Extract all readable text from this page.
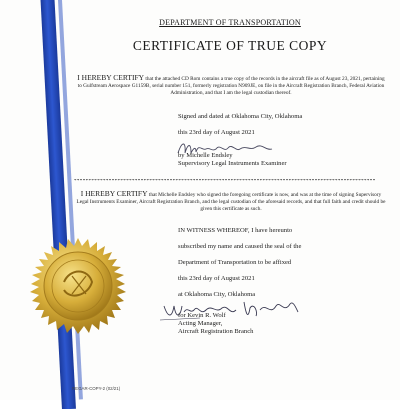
DEPARTMENT OF TRANSPORTATION
CERTIFICATE OF TRUE COPY
I HEREBY CERTIFY that the attached CD Rom contains a true copy of the records in the aircraft file as of August 23, 2021, pertaining to Gulfstream Aerospace G1159B, serial number 151, formerly registration N909JE, on file in the Aircraft Registration Branch, Federal Aviation Administration, and that I am the legal custodian thereof.
Signed and dated at Oklahoma City, Oklahoma
this 23rd day of August 2021
by Michelle Endsley
Supervisory Legal Instruments Examiner
********************************************************************************************************
I HEREBY CERTIFY that Michelle Endsley who signed the foregoing certificate is now, and was at the time of signing Supervisory Legal Instruments Examiner, Aircraft Registration Branch, and the legal custodian of the aforesaid records, and that full faith and credit should be given this certificate as such.
IN WITNESS WHEREOF, I have hereunto
subscribed my name and caused the seal of the
Department of Transportation to be affixed
this 23rd day of August 2021
at Oklahoma City, Oklahoma
for Kevin R. Wolf
Acting Manager,
Aircraft Registration Branch
REGAR-COPY-2 (02/21)
